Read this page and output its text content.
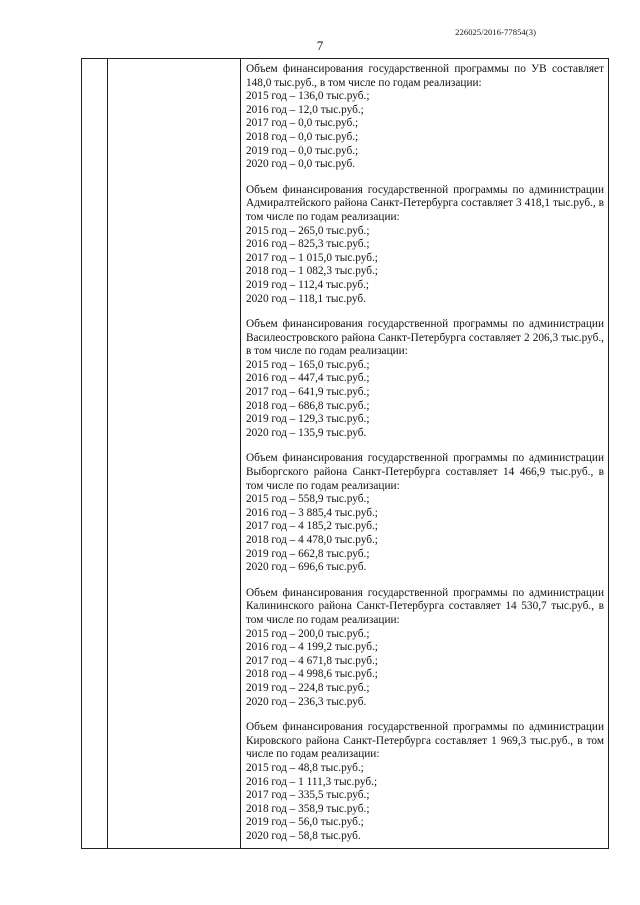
226025/2016-77854(3)
7

Объем финансирования государственной программы по УВ составляет 148,0 тыс.руб., в том числе по годам реализации:

2015 год – 136,0 тыс.руб.;

2016 год – 12,0 тыс.руб.;

2017 год – 0,0 тыс.руб.;

2018 год – 0,0 тыс.руб.;

2019 год – 0,0 тыс.руб.;

2020 год – 0,0 тыс.руб.

Объем финансирования государственной программы по администрации Адмиралтейского района Санкт-Петербурга составляет 3 418,1 тыс.руб., в том числе по годам реализации:

2015 год – 265,0 тыс.руб.;

2016 год – 825,3 тыс.руб.;

2017 год – 1 015,0 тыс.руб.;

2018 год – 1 082,3 тыс.руб.;

2019 год – 112,4 тыс.руб.;

2020 год – 118,1 тыс.руб.

Объем финансирования государственной программы по администрации Василеостровского района Санкт-Петербурга составляет 2 206,3 тыс.руб., в том числе по годам реализации:

2015 год – 165,0 тыс.руб.;

2016 год – 447,4 тыс.руб.;

2017 год – 641,9 тыс.руб.;

2018 год – 686,8 тыс.руб.;

2019 год – 129,3 тыс.руб.;

2020 год – 135,9 тыс.руб.

Объем финансирования государственной программы по администрации Выборгского района Санкт-Петербурга составляет 14 466,9 тыс.руб., в том числе по годам реализации:

2015 год – 558,9 тыс.руб.;

2016 год – 3 885,4 тыс.руб.;

2017 год – 4 185,2 тыс.руб.;

2018 год – 4 478,0 тыс.руб.;

2019 год – 662,8 тыс.руб.;

2020 год – 696,6 тыс.руб.

Объем финансирования государственной программы по администрации Калининского района Санкт-Петербурга составляет 14 530,7 тыс.руб., в том числе по годам реализации:

2015 год – 200,0 тыс.руб.;

2016 год – 4 199,2 тыс.руб.;

2017 год – 4 671,8 тыс.руб.;

2018 год – 4 998,6 тыс.руб.;

2019 год – 224,8 тыс.руб.;

2020 год – 236,3 тыс.руб.

Объем финансирования государственной программы по администрации Кировского района Санкт-Петербурга составляет 1 969,3 тыс.руб., в том числе по годам реализации:

2015 год – 48,8 тыс.руб.;

2016 год – 1 111,3 тыс.руб.;

2017 год – 335,5 тыс.руб.;

2018 год – 358,9 тыс.руб.;

2019 год – 56,0 тыс.руб.;

2020 год – 58,8 тыс.руб.
